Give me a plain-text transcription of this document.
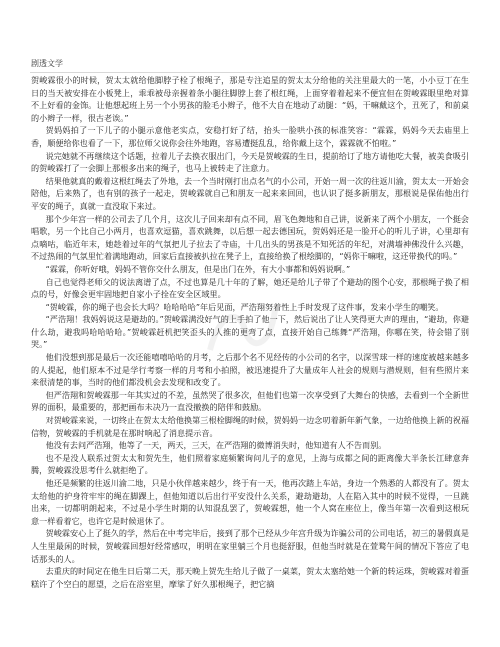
剧透文学

贺峻霖很小的时候，贺太太就给他脚脖子栓了根绳子，那是专注追星的贺太太分给他的关注里最大的一笔，小小豆丁在生日的当天被安排在小板凳上，乖乖被母亲握着条小腿往脚脖上套了根红绳，上面穿着着起来不便宜但在贺峻霖眼里绝对算不上好看的金饰。让他想起班上另一个小男孩的脸毛小辫子，他不大自在地动了动腿：“妈，干嘛戴这个，丑死了，和前桌的小辫子一样，很古老诶。”

贺妈妈拍了一下儿子的小腿示意他老实点，安稳打好了结，抬头一脸哄小孩的标准笑容：“霖霖，妈妈今天去庙里上香，顺便给你也看了一下，那位师父说你会往外地跑，容易遭挺乱乱，给你戴上这个，霖霖就不怕啦。”

说完她就不再继续这个话题，拉着儿子去换衣服出门，今天是贺峻霖的生日，提前给订了地方请他吃大餐，被美食吸引的贺峻霖打了一会脚上那根多出来的绳子，也马上被转走了注意力。

结果他就真的戴着这根红绳去了外地，去一个当时刚打出点名气的小公司，开始一周一次的往返川渝，贺太太一开始会陪他，后来熟了，也有别的孩子一起走，贺峻霖就自己和朋友一起来来回回，也认识了挺多新朋友，那根说是保佑他出行平安的绳子，真就一直没取下来过。

那个少年宫一样的公司去了几个月，这次儿子回来却有点不同，眉飞色舞地和自己讲，说新来了两个小朋友，一个挺会唱歌，另一个比自己小两月，也喜欢逗猫，喜欢跳舞，以后想一起去德国玩，贺妈妈还是一脸开心的听儿子讲，心里却有点嘀咕，临近年末，她趁着过年的气氛把儿子拉去了寺庙，十几出头的男孩是不知死活的年纪，对满墙神佛没什么兴趣，不过热闹的气氛里忙着满地跑动，回家后直接被扒拉在凳子上，直接给换了根绘脚的，“妈你干嘛啦，这还带换代的吗。”

“霖霖，你听好哦，妈妈不管你交什么朋友，但是出门在外，有大小事都和妈妈说啊。”

自己也觉得老师父的说法离谱了点，不过也算是几十年的了解，她还是给儿子带了个避劫的图个心安，那根绳子换了相点的号，好像会更牢固地把自家小子拴在安全区域里。

“贺峻霖，你的绳子也会长大吗？哈哈哈哈”年后见面，严浩翔努着性上手时发现了这件事，发来小学生的嘲笑。

“严浩翔！我妈妈说这是避劫的。”贺峻霖满没好气的上手拍了他一下，然后说出了让人笑得更大声的理由，“避劫，你避什么劫，避我吗哈哈哈哈。”贺峻霖赶机把笑歪头的人推的更弯了点，直接开始自己练舞“严浩翔，你哪在笑，待会错了别哭。”

他们没想到那是最后一次还能嘻嘻哈哈的月考，之后那个名不见经传的小公司的名字，以深雪球一样的速度被越来越多的人提起，他们原本不过是学行考察一样的月考和小拍照，被迅速提升了大量成年人社会的规则与潜规则，但有些照片来来很清楚的事，当时的他们都没机会去发现和改变了。

但严浩翔和贺峻霖那一年其实过的不差，虽然哭了很多次，但他们也第一次享受到了大舞台的快感，去看到一个全新世界的面积，最重要的，那把画布未决乃一直没撤换的陪伴和鼓励。

对贺峻霖来说，一切终止在贺太太给他换第三根栓脚绳的时候，贺妈妈一边念叨着新年新气象，一边给他换上新的祝福信物，贺峻霖的手机就是在那时响起了消息提示音。

他没有去问严浩翔，他等了一天，两天，三天，在严浩翔的微博消失时，他知道有人不告而别。

也不是没人联系过贺太太和贺先生，他们照着家庭频繁询问儿子的意见，上海与成都之间的距离像大半条长江肆意奔腾，贺峻霖没思考什么就拒绝了。

他还是频繁的往返川渝二地，只是小伙伴越来越少，终于有一天，他再次踏上车站，身边一个熟悉的人都没有了。贺太太给他的护身符牢牢的绳在脚踝上，但他知道以后出行平安没什么关系，避劫避劫，人在陷入其中的时候不觉得，一旦跳出来，一切都明朗起来，不过是小学生时期的认知混乱罢了，贺峻霖想，他一个人窝在座位上，像当年第一次看到这根玩意一样看着它，也许它是时候退休了。

贺峻霖安心上了挺久的学，然后在中考完毕后，接到了那个已经从少年宫升级为诈骗公司的公司电话，初三的暑假真是人生里最闲的时候，贺峻霖回想好经常感叹，明明在家里躺三个月也挺舒服，但他当时就是在萱鹜午间的情况下答应了电话那头的人。

去重庆的时间定在他生日后第二天，那天晚上贺先生给儿子做了一桌菜，贺太太塞给她一个新的转运珠，贺峻霖对着蛋糕许了个空白的愿望，之后在浴室里，摩挲了好久那根绳子，把它摘
